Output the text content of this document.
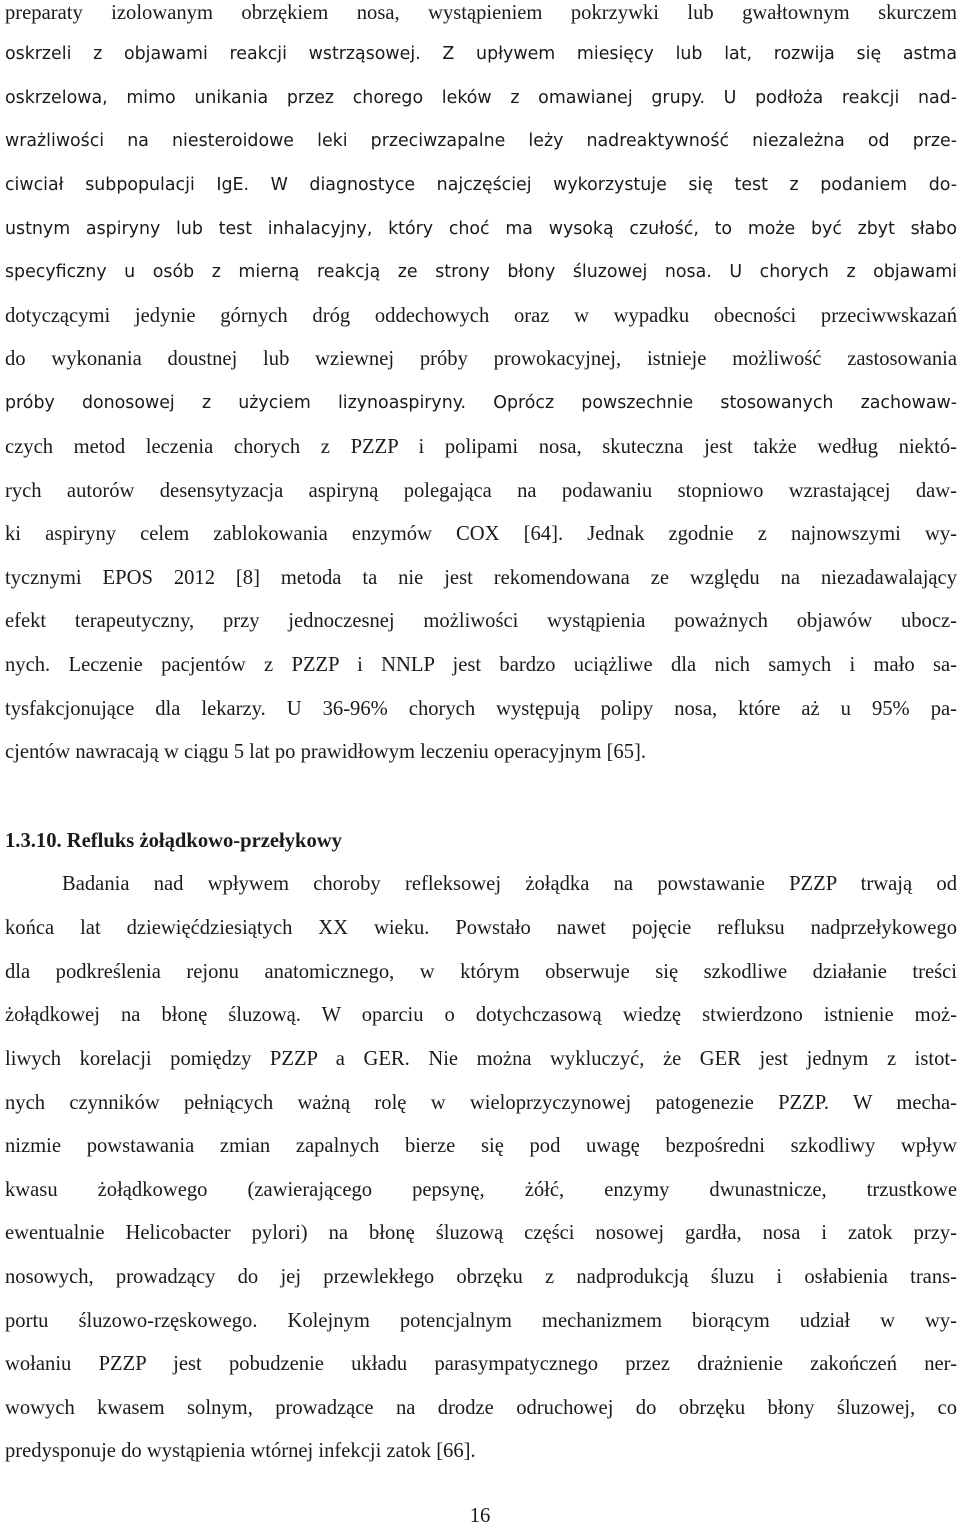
preparaty izolowanym obrzękiem nosa, wystąpieniem pokrzywki lub gwałtownym skurczem
oskrzeli z objawami reakcji wstrząsowej. Z upływem miesięcy lub lat, rozwija się astma
oskrzelowa, mimo unikania przez chorego leków z omawianej grupy. U podłoża reakcji nad-
wrażliwości na niesteroidowe leki przeciwzapalne leży nadreaktywność niezależna od prze-
ciwciał subpopulacji IgE. W diagnostyce najczęściej wykorzystuje się test z podaniem do-
ustnym aspiryny lub test inhalacyjny, który choć ma wysoką czułość, to może być zbyt słabo
specyficzny u osób z mierną reakcją ze strony błony śluzowej nosa. U chorych z objawami
dotyczącymi jedynie górnych dróg oddechowych oraz w wypadku obecności przeciwwskazań
do wykonania doustnej lub wziewnej próby prowokacyjnej, istnieje możliwość zastosowania
próby donosowej z użyciem lizynoaspiryny. Oprócz powszechnie stosowanych zachowaw-
czych metod leczenia chorych z PZZP i polipami nosa, skuteczna jest także według niektó-
rych autorów desensytyzacja aspiryną polegająca na podawaniu stopniowo wzrastającej daw-
ki aspiryny celem zablokowania enzymów COX [64]. Jednak zgodnie z najnowszymi wy-
tycznymi EPOS 2012 [8] metoda ta nie jest rekomendowana ze względu na niezadawalający
efekt terapeutyczny, przy jednoczesnej możliwości wystąpienia poważnych objawów ubocz-
nych. Leczenie pacjentów z PZZP i NNLP jest bardzo uciążliwe dla nich samych i mało sa-
tysfakcjonujące dla lekarzy. U 36-96% chorych występują polipy nosa, które aż u 95% pa-
cjentów nawracają w ciągu 5 lat po prawidłowym leczeniu operacyjnym [65].
1.3.10. Refluks żołądkowo-przełykowy
Badania nad wpływem choroby refleksowej żołądka na powstawanie PZZP trwają od
końca lat dziewięćdziesiątych XX wieku. Powstało nawet pojęcie refluksu nadprzełykowego
dla podkreślenia rejonu anatomicznego, w którym obserwuje się szkodliwe działanie treści
żołądkowej na błonę śluzową. W oparciu o dotychczasową wiedzę stwierdzono istnienie moż-
liwych korelacji pomiędzy PZZP a GER. Nie można wykluczyć, że GER jest jednym z istot-
nych czynników pełniących ważną rolę w wieloprzyczynowej patogenezie PZZP. W mecha-
nizmie powstawania zmian zapalnych bierze się pod uwagę bezpośredni szkodliwy wpływ
kwasu żołądkowego (zawierającego pepsynę, żółć, enzymy dwunastnicze, trzustkowe
ewentualnie Helicobacter pylori) na błonę śluzową części nosowej gardła, nosa i zatok przy-
nosowych, prowadzący do jej przewlekłego obrzęku z nadprodukcją śluzu i osłabienia trans-
portu śluzowo-rzęskowego. Kolejnym potencjalnym mechanizmem biorącym udział w wy-
wołaniu PZZP jest pobudzenie układu parasympatycznego przez drażnienie zakończeń ner-
wowych kwasem solnym, prowadzące na drodze odruchowej do obrzęku błony śluzowej, co
predysponuje do wystąpienia wtórnej infekcji zatok [66].
16
